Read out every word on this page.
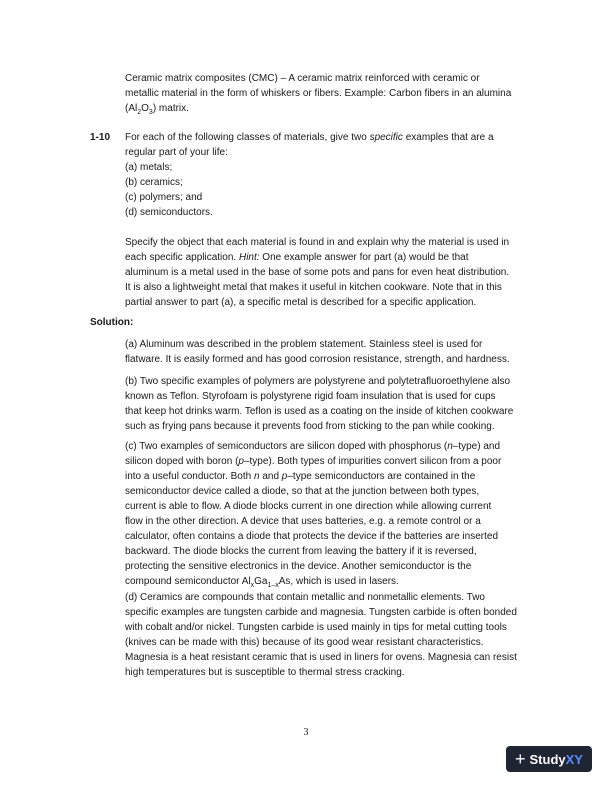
Ceramic matrix composites (CMC) – A ceramic matrix reinforced with ceramic or
metallic material in the form of whiskers or fibers. Example: Carbon fibers in an alumina
$(Al_2O_3)$ matrix.

1-10 For each of the following classes of materials, give two specific examples that are a
regular part of your life:

(a) metals;
(b) ceramics;
(c) polymers; and
(d) semiconductors.

Specify the object that each material is found in and explain why the material is used in
each specific application. Hint: One example answer for part (a) would be that
aluminum is a metal used in the base of some pots and pans for even heat distribution.
It is also a lightweight metal that makes it useful in kitchen cookware. Note that in this
partial answer to part (a), a specific metal is described for a specific application.

Solution:

(a) Aluminum was described in the problem statement. Stainless steel is used for
flatware. It is easily formed and has good corrosion resistance, strength, and hardness.

(b) Two specific examples of polymers are polystyrene and polytetrafluoroethylene also
known as Teflon. Styrofoam is polystyrene rigid foam insulation that is used for cups
that keep hot drinks warm. Teflon is used as a coating on the inside of kitchen cookware
such as frying pans because it prevents food from sticking to the pan while cooking.

(c) Two examples of semiconductors are silicon doped with phosphorus (n–type) and
silicon doped with boron (p–type). Both types of impurities convert silicon from a poor
into a useful conductor. Both n and p–type semiconductors are contained in the
semiconductor device called a diode, so that at the junction between both types,
current is able to flow. A diode blocks current in one direction while allowing current
flow in the other direction. A device that uses batteries, e.g. a remote control or a
calculator, often contains a diode that protects the device if the batteries are inserted
backward. The diode blocks the current from leaving the battery if it is reversed,
protecting the sensitive electronics in the device. Another semiconductor is the
compound semiconductor $Al_xGa_{1-x}As$, which is used in lasers.

(d) Ceramics are compounds that contain metallic and nonmetallic elements. Two
specific examples are tungsten carbide and magnesia. Tungsten carbide is often bonded
with cobalt and/or nickel. Tungsten carbide is used mainly in tips for metal cutting tools
(knives can be made with this) because of its good wear resistant characteristics.
Magnesia is a heat resistant ceramic that is used in liners for ovens. Magnesia can resist
high temperatures but is susceptible to thermal stress cracking.

3
+ StudyXY
